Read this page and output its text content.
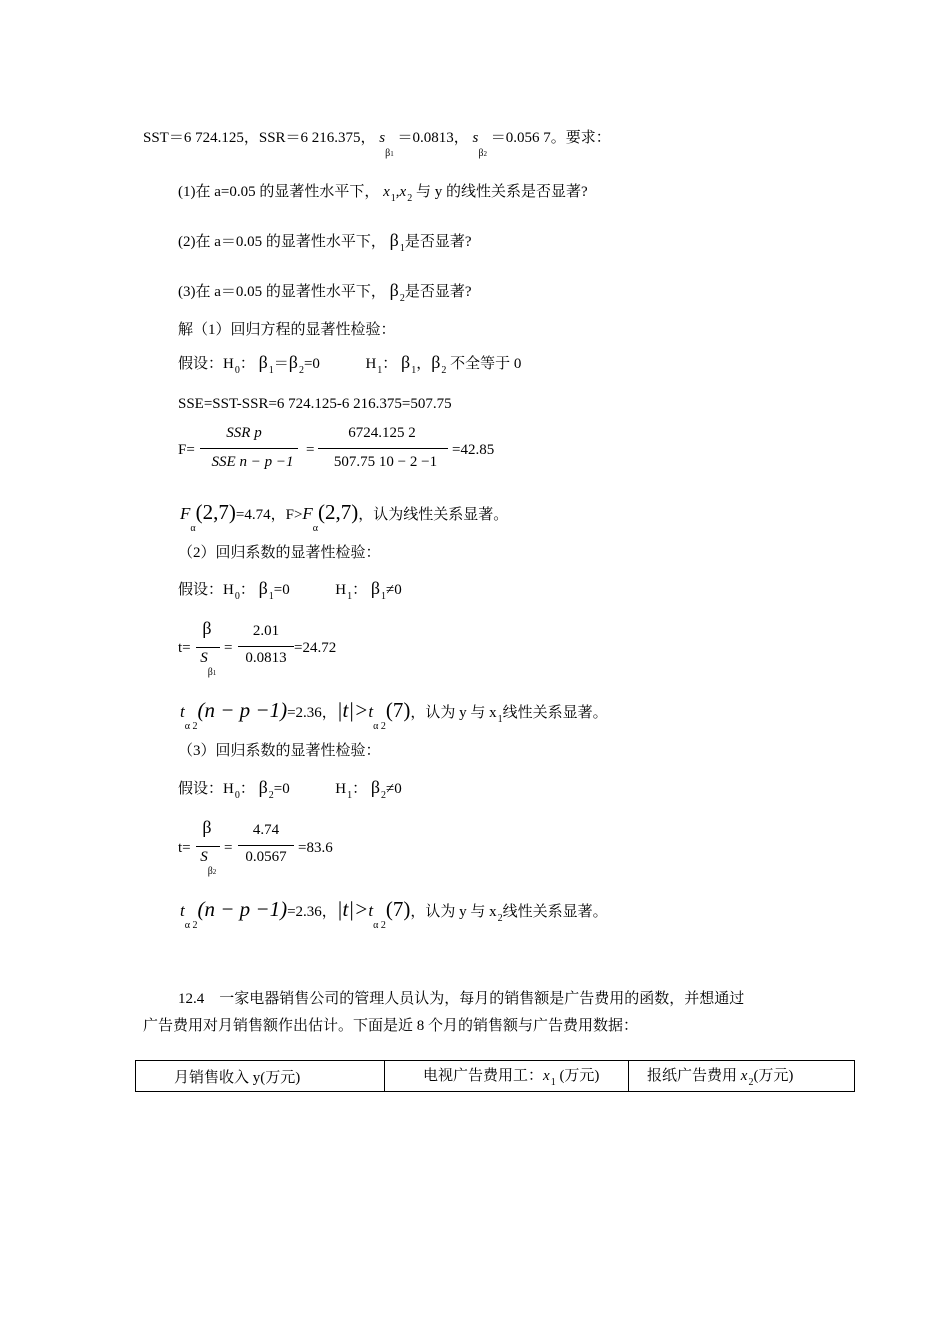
SST＝6 724.125，SSR＝6 216.375， $s_{\beta 1} =0.0813$， $s_{\beta 2} =0.056$ 7。要求：
(1)在 a=0.05 的显著性水平下， $x_1,x_2$ 与 y 的线性关系是否显著?
(2)在 a＝0.05 的显著性水平下， $\beta_1$是否显著?
(3)在 a＝0.05 的显著性水平下， $\beta_2$是否显著?
解（1）回归方程的显著性检验：
假设：$H_0$： $\beta_1=\beta_2=0$	$H_1$： $\beta_1$，$\beta_2$ 不全等于 0
SSE=SST-SSR=6 724.125-6 216.375=507.75
F=
SSR p
SSE n − p −1
=
6724.125 2
507.75 10 − 2 −1
=42.85
$F_\alpha(2,7)=4.74$，$F>F_\alpha(2,7)$，认为线性关系显著。
（2）回归系数的显著性检验：
假设：$H_0$： $\beta_1=0$	$H_1$： $\beta_1\ne 0$
t=
β
S
β1
=
2.01
0.0813
=24.72
$t_{\alpha 2}(n - p -1)=2.36$，$|t|>t_{\alpha 2}(7)$，认为 y 与 $x_1$线性关系显著。
（3）回归系数的显著性检验：
假设：$H_0$： $\beta_2=0$	$H_1$： $\beta_2\ne 0$
t=
β
S
β2
=
4.74
0.0567
=83.6
$t_{\alpha 2}(n - p -1)=2.36$，$|t|>t_{\alpha 2}(7)$，认为 y 与 $x_2$线性关系显著。
12.4　一家电器销售公司的管理人员认为，每月的销售额是广告费用的函数，并想通过
广告费用对月销售额作出估计。下面是近 8 个月的销售额与广告费用数据：
月销售收入 y(万元)	电视广告费用工：$x_1$ (万元)	报纸广告费用 $x_2$(万元)
